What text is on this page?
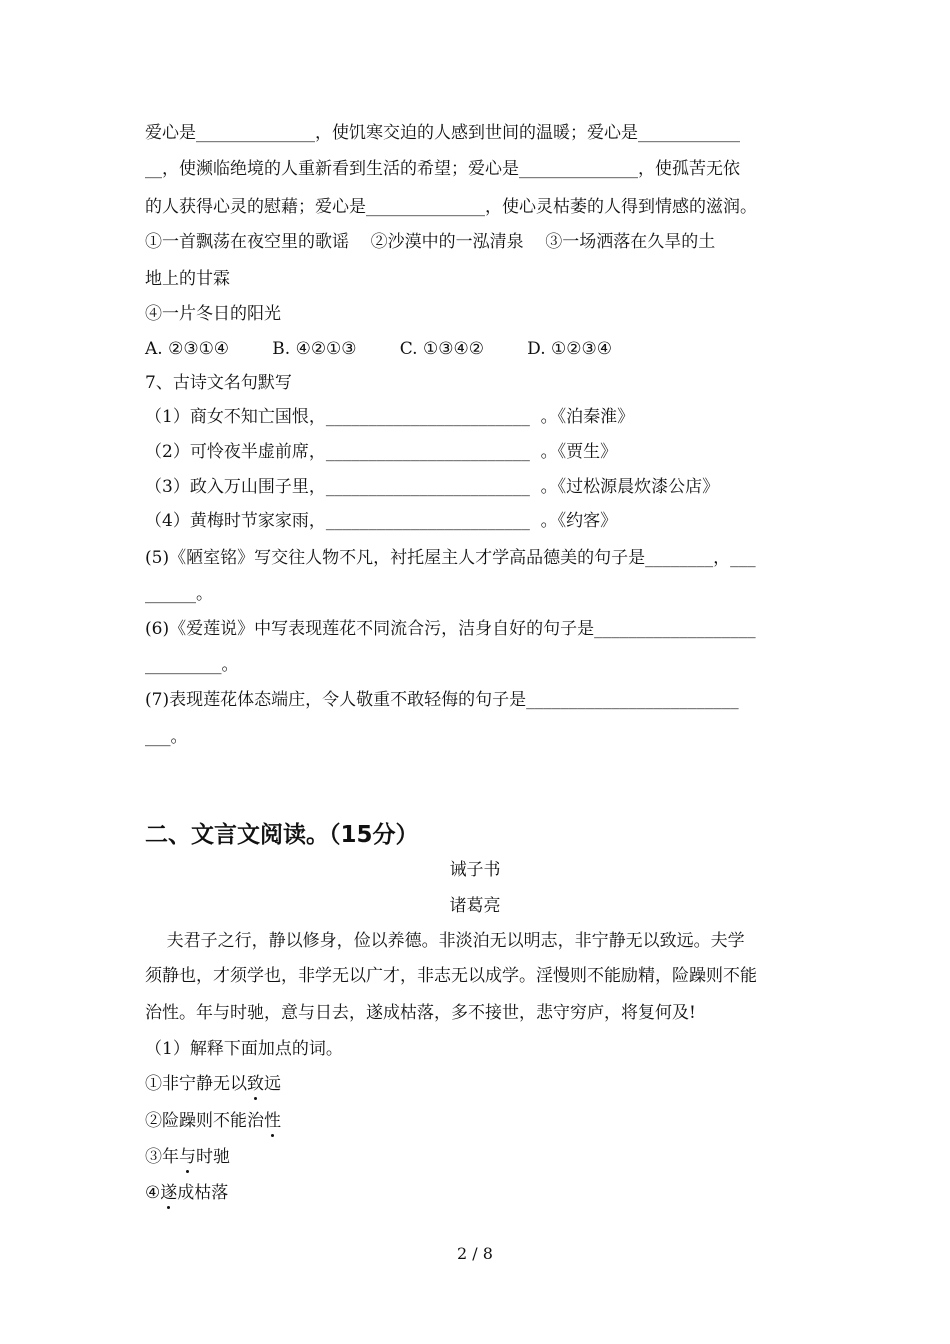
爱心是______________，使饥寒交迫的人感到世间的温暖；爱心是____________
__，使濒临绝境的人重新看到生活的希望；爱心是______________，使孤苦无依
的人获得心灵的慰藉；爱心是______________，使心灵枯萎的人得到情感的滋润。
①一首飘荡在夜空里的歌谣    ②沙漠中的一泓清泉    ③一场洒落在久旱的土
地上的甘霖
④一片冬日的阳光
A. ②③①④        B. ④②①③        C. ①③④②        D. ①②③④
7、古诗文名句默写
（1）商女不知亡国恨，________________________  。《泊秦淮》
（2）可怜夜半虚前席，________________________  。《贾生》
（3）政入万山围子里，________________________  。《过松源晨炊漆公店》
（4）黄梅时节家家雨，________________________  。《约客》
(5)《陋室铭》写交往人物不凡，衬托屋主人才学高品德美的句子是________，___
______。
(6)《爱莲说》中写表现莲花不同流合污，洁身自好的句子是___________________
_________。
(7)表现莲花体态端庄，令人敬重不敢轻侮的句子是_________________________
___。
二、文言文阅读。（15分）
诫子书
诸葛亮
夫君子之行，静以修身，俭以养德。非淡泊无以明志，非宁静无以致远。夫学
须静也，才须学也，非学无以广才，非志无以成学。淫慢则不能励精，险躁则不能
治性。年与时驰，意与日去，遂成枯落，多不接世，悲守穷庐，将复何及!
（1）解释下面加点的词。
①非宁静无以致远
②险躁则不能治性
③年与时驰
④遂成枯落
2 / 8
